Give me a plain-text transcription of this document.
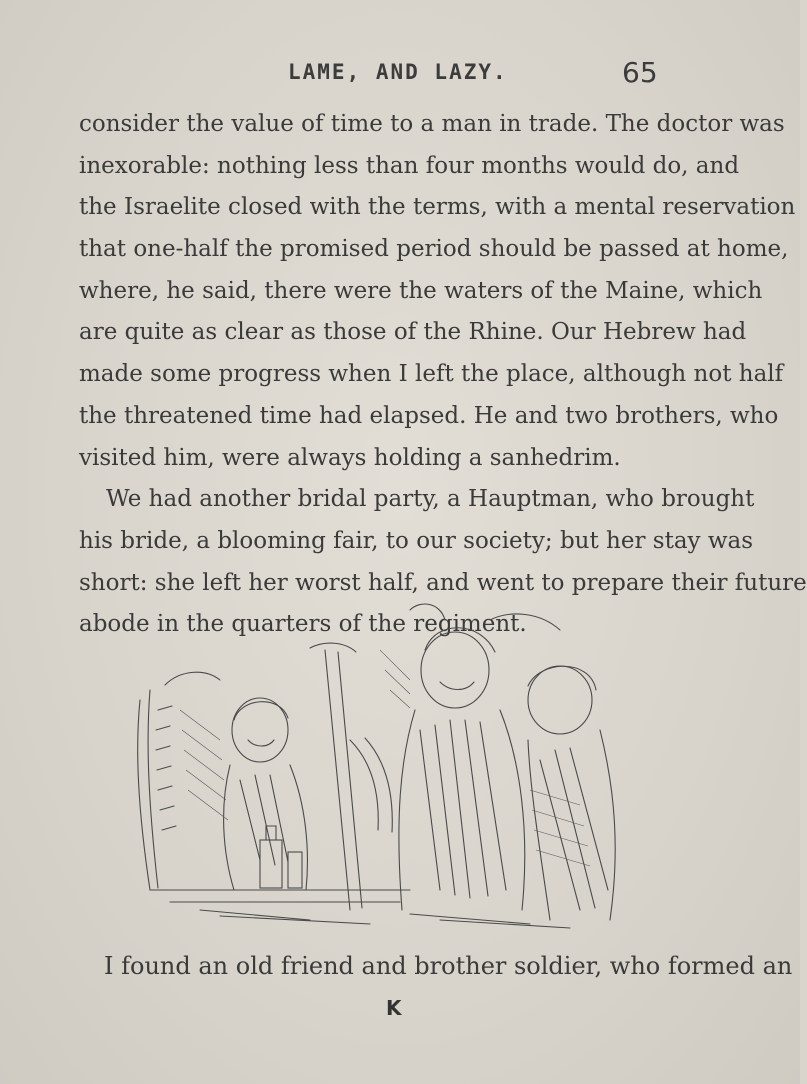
LAME, AND LAZY.	65
consider the value of time to a man in trade. The doctor was
inexorable: nothing less than four months would do, and
the Israelite closed with the terms, with a mental reservation
that one-half the promised period should be passed at home,
where, he said, there were the waters of the Maine, which
are quite as clear as those of the Rhine. Our Hebrew had
made some progress when I left the place, although not half
the threatened time had elapsed. He and two brothers, who
visited him, were always holding a sanhedrim.
We had another bridal party, a Hauptman, who brought
his bride, a blooming fair, to our society; but her stay was
short: she left her worst half, and went to prepare their future
abode in the quarters of the regiment.
I found an old friend and brother soldier, who formed an
K
